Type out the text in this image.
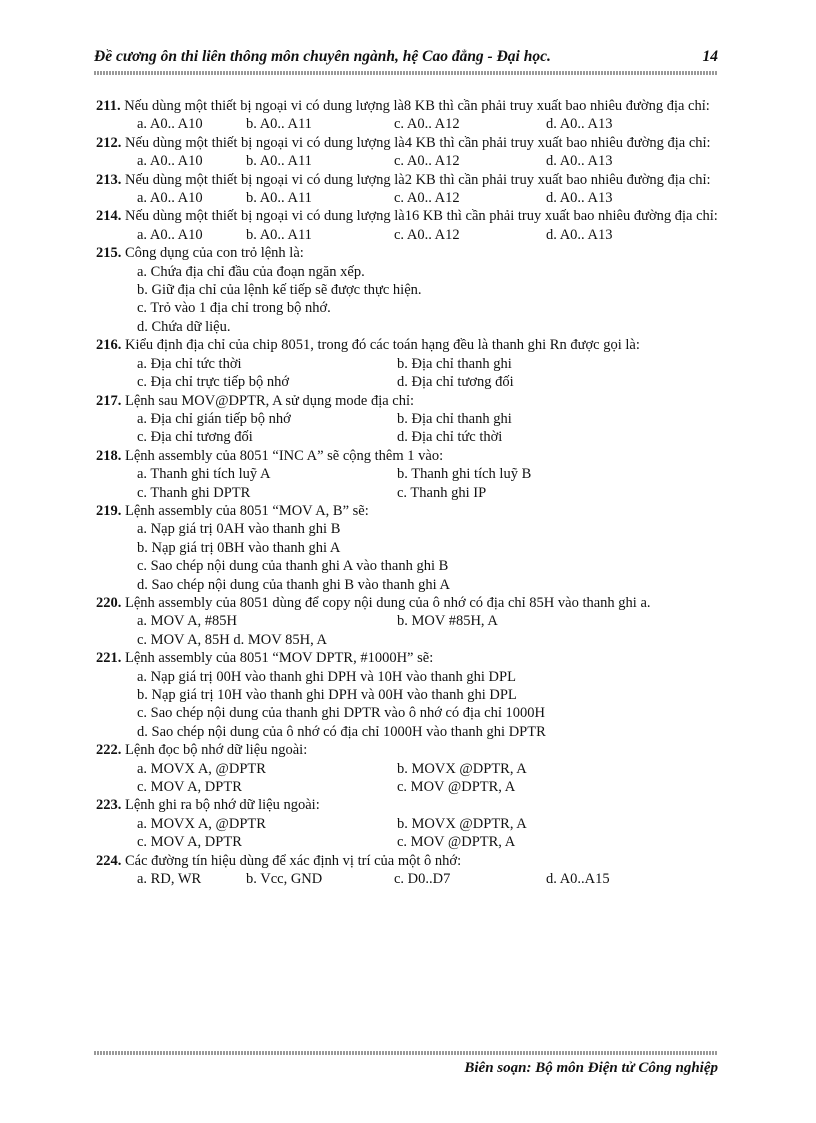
Đề cương ôn thi liên thông môn chuyên ngành, hệ Cao đẳng - Đại học.	14
211. Nếu dùng một thiết bị ngoại vi có dung lượng là8 KB thì cần phải truy xuất bao nhiêu đường địa chỉ:
a. A0.. A10	b. A0.. A11	c. A0.. A12	d. A0.. A13
212. Nếu dùng một thiết bị ngoại vi có dung lượng là4 KB thì cần phải truy xuất bao nhiêu đường địa chỉ:
a. A0.. A10	b. A0.. A11	c. A0.. A12	d. A0.. A13
213. Nếu dùng một thiết bị ngoại vi có dung lượng là2 KB thì cần phải truy xuất bao nhiêu đường địa chỉ:
a. A0.. A10	b. A0.. A11	c. A0.. A12	d. A0.. A13
214. Nếu dùng một thiết bị ngoại vi có dung lượng là16 KB thì cần phải truy xuất bao nhiêu đường địa chỉ:
a. A0.. A10	b. A0.. A11	c. A0.. A12	d. A0.. A13
215. Công dụng của con trỏ lệnh là:
a. Chứa địa chỉ đầu của đoạn ngăn xếp.
b. Giữ địa chỉ của lệnh kế tiếp sẽ được thực hiện.
c. Trỏ vào 1 địa chỉ trong bộ nhớ.
d. Chứa dữ liệu.
216. Kiểu định địa chỉ của chip 8051, trong đó các toán hạng đều là thanh ghi Rn được gọi là:
a. Địa chỉ tức thời	b. Địa chỉ thanh ghi
c. Địa chỉ trực tiếp bộ nhớ	d. Địa chỉ tương đối
217. Lệnh sau MOV@DPTR, A sử dụng mode địa chỉ:
a. Địa chỉ gián tiếp bộ nhớ	b. Địa chỉ thanh ghi
c. Địa chỉ tương đối	d. Địa chỉ tức thời
218. Lệnh assembly của 8051 “INC A” sẽ cộng thêm 1 vào:
a. Thanh ghi tích luỹ A	b. Thanh ghi tích luỹ B
c. Thanh ghi DPTR	c. Thanh ghi IP
219. Lệnh assembly của 8051 “MOV A, B” sẽ:
a. Nạp giá trị 0AH vào thanh ghi B
b. Nạp giá trị 0BH vào thanh ghi A
c. Sao chép nội dung của thanh ghi A vào thanh ghi B
d. Sao chép nội dung của thanh ghi B vào thanh ghi A
220. Lệnh assembly của 8051 dùng để copy nội dung của ô nhớ có địa chỉ 85H vào thanh ghi a.
a. MOV A, #85H	b. MOV #85H, A
c. MOV A, 85H d. MOV 85H, A
221. Lệnh assembly của 8051 “MOV DPTR, #1000H” sẽ:
a. Nạp giá trị 00H vào thanh ghi DPH và 10H vào thanh ghi DPL
b. Nạp giá trị 10H vào thanh ghi DPH và 00H vào thanh ghi DPL
c. Sao chép nội dung của thanh ghi DPTR vào ô nhớ có địa chỉ 1000H
d. Sao chép nội dung của ô nhớ có địa chỉ 1000H vào thanh ghi DPTR
222. Lệnh đọc bộ nhớ dữ liệu ngoài:
a. MOVX A, @DPTR	b. MOVX @DPTR, A
c. MOV A, DPTR	c. MOV @DPTR, A
223. Lệnh ghi ra bộ nhớ dữ liệu ngoài:
a. MOVX A, @DPTR	b. MOVX @DPTR, A
c. MOV A, DPTR	c. MOV @DPTR, A
224. Các đường tín hiệu dùng để xác định vị trí của một ô nhớ:
a. RD, WR	b. Vcc, GND	c. D0..D7	d. A0..A15
Biên soạn: Bộ môn Điện tử Công nghiệp
